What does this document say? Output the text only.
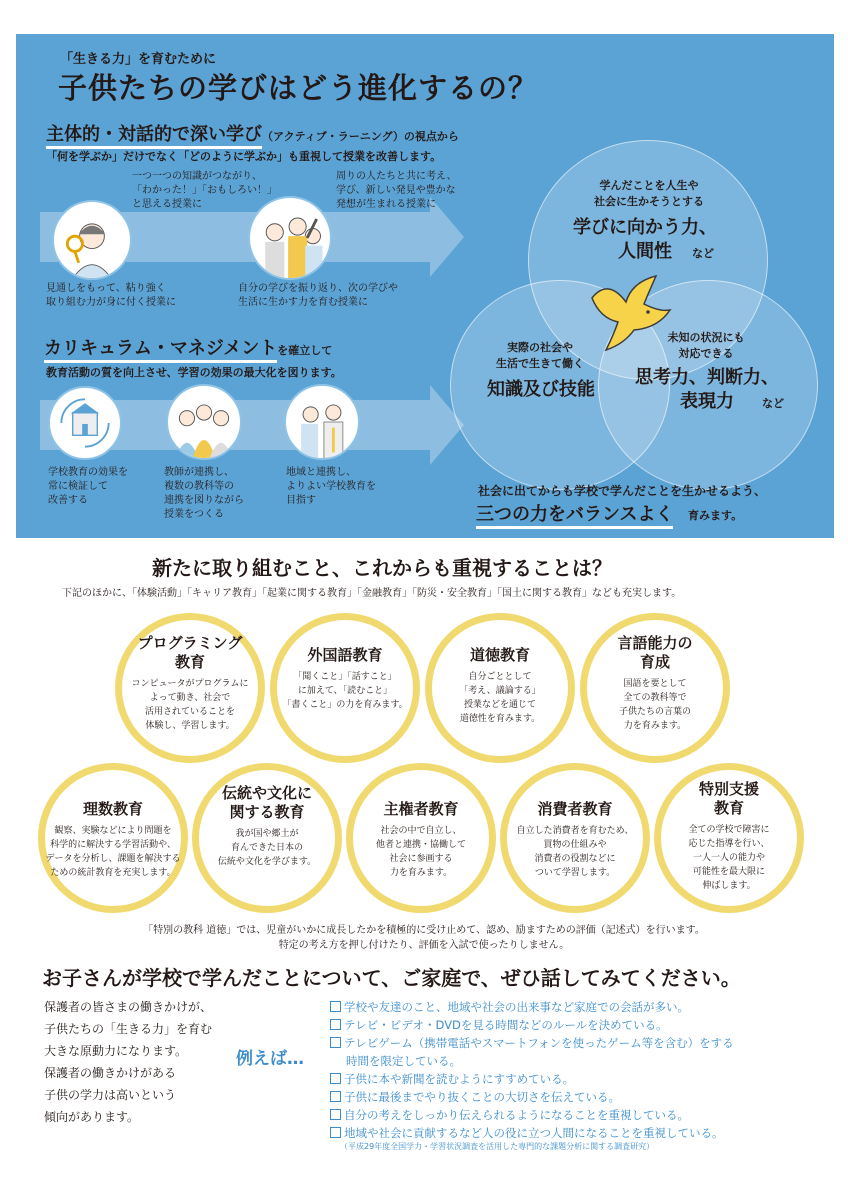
「生きる力」を育むために
子供たちの学びはどう進化するの？
主体的・対話的で深い学び（アクティブ・ラーニング）の視点から
「何を学ぶか」だけでなく「どのように学ぶか」も重視して授業を改善します。
一つ一つの知識がつながり、
「わかった！」「おもしろい！」
と思える授業に
周りの人たちと共に考え、
学び、新しい発見や豊かな
発想が生まれる授業に
見通しをもって、粘り強く
取り組む力が身に付く授業に
自分の学びを振り返り、次の学びや
生活に生かす力を育む授業に
カリキュラム・マネジメントを確立して
教育活動の質を向上させ、学習の効果の最大化を図ります。
学校教育の効果を
常に検証して
改善する
教師が連携し、
複数の教科等の
連携を図りながら
授業をつくる
地域と連携し、
よりよい学校教育を
目指す
学んだことを人生や
社会に生かそうとする
学びに向かう力、
人間性	など
実際の社会や
生活で生きて働く
知識及び技能
未知の状況にも
対応できる
思考力、判断力、
表現力	など
社会に出てからも学校で学んだことを生かせるよう、
三つの力をバランスよく 育みます。
新たに取り組むこと、これからも重視することは？
下記のほかに、「体験活動」「キャリア教育」「起業に関する教育」「金融教育」「防災・安全教育」「国土に関する教育」なども充実します。
プログラミング
教育
コンピュータがプログラムに
よって動き、社会で
活用されていることを
体験し、学習します。
外国語教育
「聞くこと」「話すこと」
に加えて、「読むこと」
「書くこと」の力を育みます。
道徳教育
自分ごととして
「考え、議論する」
授業などを通じて
道徳性を育みます。
言語能力の
育成
国語を要として
全ての教科等で
子供たちの言葉の
力を育みます。
理数教育
観察、実験などにより問題を
科学的に解決する学習活動や、
データを分析し、課題を解決する
ための統計教育を充実します。
伝統や文化に
関する教育
我が国や郷土が
育んできた日本の
伝統や文化を学びます。
主権者教育
社会の中で自立し、
他者と連携・協働して
社会に参画する
力を育みます。
消費者教育
自立した消費者を育むため、
買物の仕組みや
消費者の役割などに
ついて学習します。
特別支援
教育
全ての学校で障害に
応じた指導を行い、
一人一人の能力や
可能性を最大限に
伸ばします。
「特別の教科 道徳」では、児童がいかに成長したかを積極的に受け止めて、認め、励ますための評価（記述式）を行います。
特定の考え方を押し付けたり、評価を入試で使ったりしません。
お子さんが学校で学んだことについて、ご家庭で、ぜひ話してみてください。
保護者の皆さまの働きかけが、
子供たちの「生きる力」を育む
大きな原動力になります。
保護者の働きかけがある
子供の学力は高いという
傾向があります。
例えば…
学校や友達のこと、地域や社会の出来事など家庭での会話が多い。
テレビ・ビデオ・DVDを見る時間などのルールを決めている。
テレビゲーム（携帯電話やスマートフォンを使ったゲーム等を含む）をする
時間を限定している。
子供に本や新聞を読むようにすすめている。
子供に最後までやり抜くことの大切さを伝えている。
自分の考えをしっかり伝えられるようになることを重視している。
地域や社会に貢献するなど人の役に立つ人間になることを重視している。
（平成29年度全国学力・学習状況調査を活用した専門的な課題分析に関する調査研究）
